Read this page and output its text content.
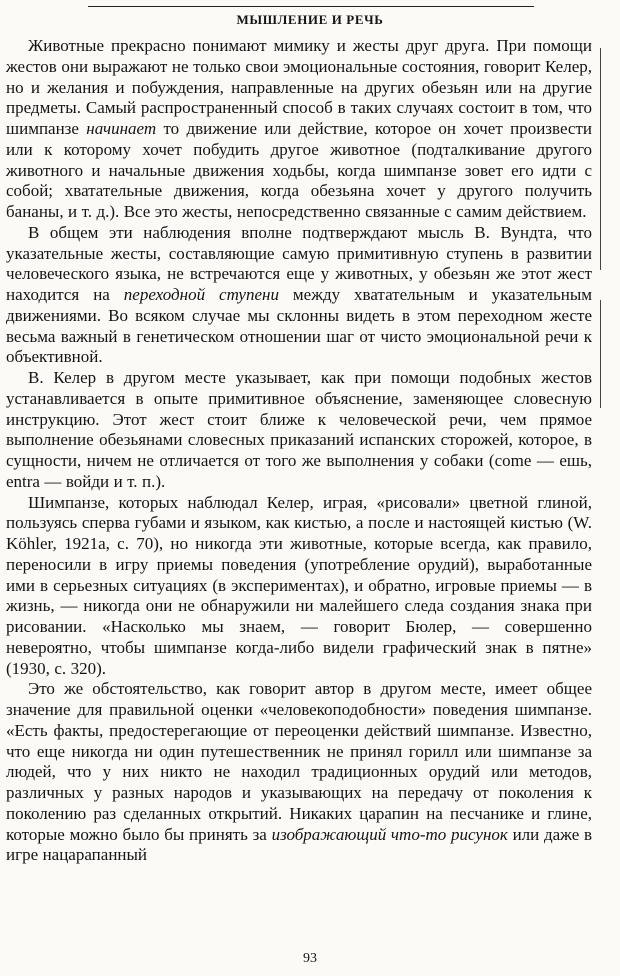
МЫШЛЕНИЕ И РЕЧЬ

Животные прекрасно понимают мимику и жесты друг друга. При помощи жестов они выражают не только свои эмоциональные состояния, говорит Келер, но и желания и побуждения, направленные на других обезьян или на другие предметы. Самый распространенный способ в таких случаях состоит в том, что шимпанзе начинает то движение или действие, которое он хочет произвести или к которому хочет побудить другое животное (подталкивание другого животного и начальные движения ходьбы, когда шимпанзе зовет его идти с собой; хватательные движения, когда обезьяна хочет у другого получить бананы, и т. д.). Все это жесты, непосредственно связанные с самим действием.

В общем эти наблюдения вполне подтверждают мысль В. Вундта, что указательные жесты, составляющие самую примитивную ступень в развитии человеческого языка, не встречаются еще у животных, у обезьян же этот жест находится на переходной ступени между хватательным и указательным движениями. Во всяком случае мы склонны видеть в этом переходном жесте весьма важный в генетическом отношении шаг от чисто эмоциональной речи к объективной.

В. Келер в другом месте указывает, как при помощи подобных жестов устанавливается в опыте примитивное объяснение, заменяющее словесную инструкцию. Этот жест стоит ближе к человеческой речи, чем прямое выполнение обезьянами словесных приказаний испанских сторожей, которое, в сущности, ничем не отличается от того же выполнения у собаки (come — ешь, entra — войди и т. п.).

Шимпанзе, которых наблюдал Келер, играя, «рисовали» цветной глиной, пользуясь сперва губами и языком, как кистью, а после и настоящей кистью (W. Köhler, 1921а, с. 70), но никогда эти животные, которые всегда, как правило, переносили в игру приемы поведения (употребление орудий), выработанные ими в серьезных ситуациях (в экспериментах), и обратно, игровые приемы — в жизнь, — никогда они не обнаружили ни малейшего следа создания знака при рисовании. «Насколько мы знаем, — говорит Бюлер, — совершенно невероятно, чтобы шимпанзе когда-либо видели графический знак в пятне» (1930, с. 320).

Это же обстоятельство, как говорит автор в другом месте, имеет общее значение для правильной оценки «человекоподобности» поведения шимпанзе. «Есть факты, предостерегающие от переоценки действий шимпанзе. Известно, что еще никогда ни один путешественник не принял горилл или шимпанзе за людей, что у них никто не находил традиционных орудий или методов, различных у разных народов и указывающих на передачу от поколения к поколению раз сделанных открытий. Никаких царапин на песчанике и глине, которые можно было бы принять за изображающий что-то рисунок или даже в игре нацарапанный

93
